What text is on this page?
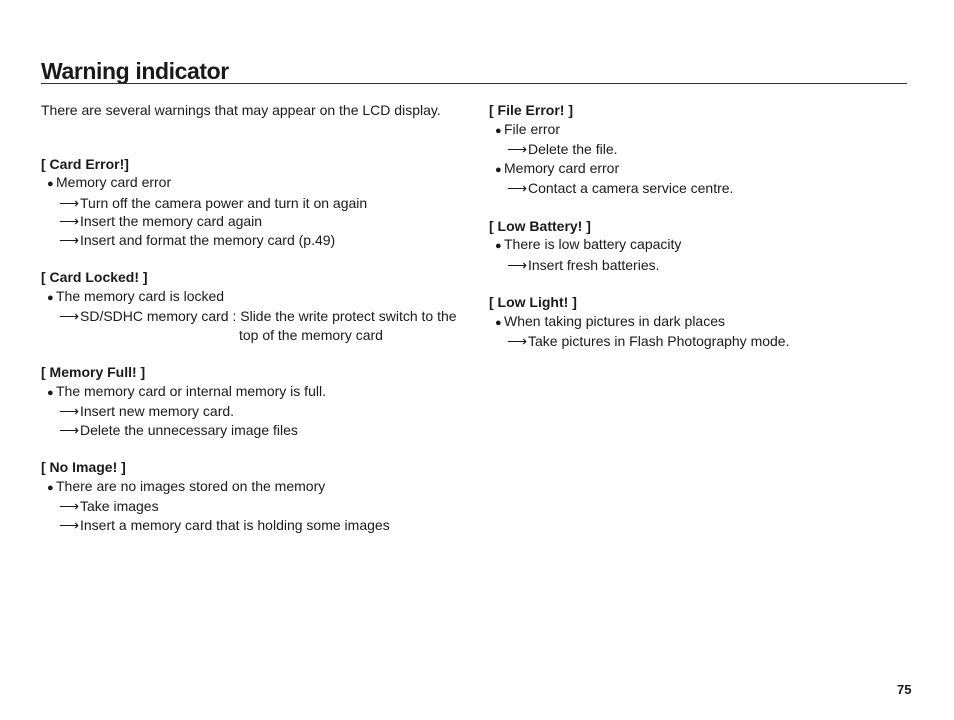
Warning indicator

There are several warnings that may appear on the LCD display.

[ Card Error!]
● Memory card error
⟶Turn off the camera power and turn it on again
⟶Insert the memory card again
⟶Insert and format the memory card (p.49)
[ Card Locked! ]
● The memory card is locked
⟶SD/SDHC memory card : Slide the write protect switch to the
top of the memory card
[ Memory Full! ]
● The memory card or internal memory is full.
⟶Insert new memory card.
⟶Delete the unnecessary image files
[ No Image! ]
● There are no images stored on the memory
⟶Take images
⟶Insert a memory card that is holding some images
[ File Error! ]
● File error
⟶Delete the file.
● Memory card error
⟶Contact a camera service centre.
[ Low Battery! ]
● There is low battery capacity
⟶Insert fresh batteries.
[ Low Light! ]
● When taking pictures in dark places
⟶Take pictures in Flash Photography mode.
75
